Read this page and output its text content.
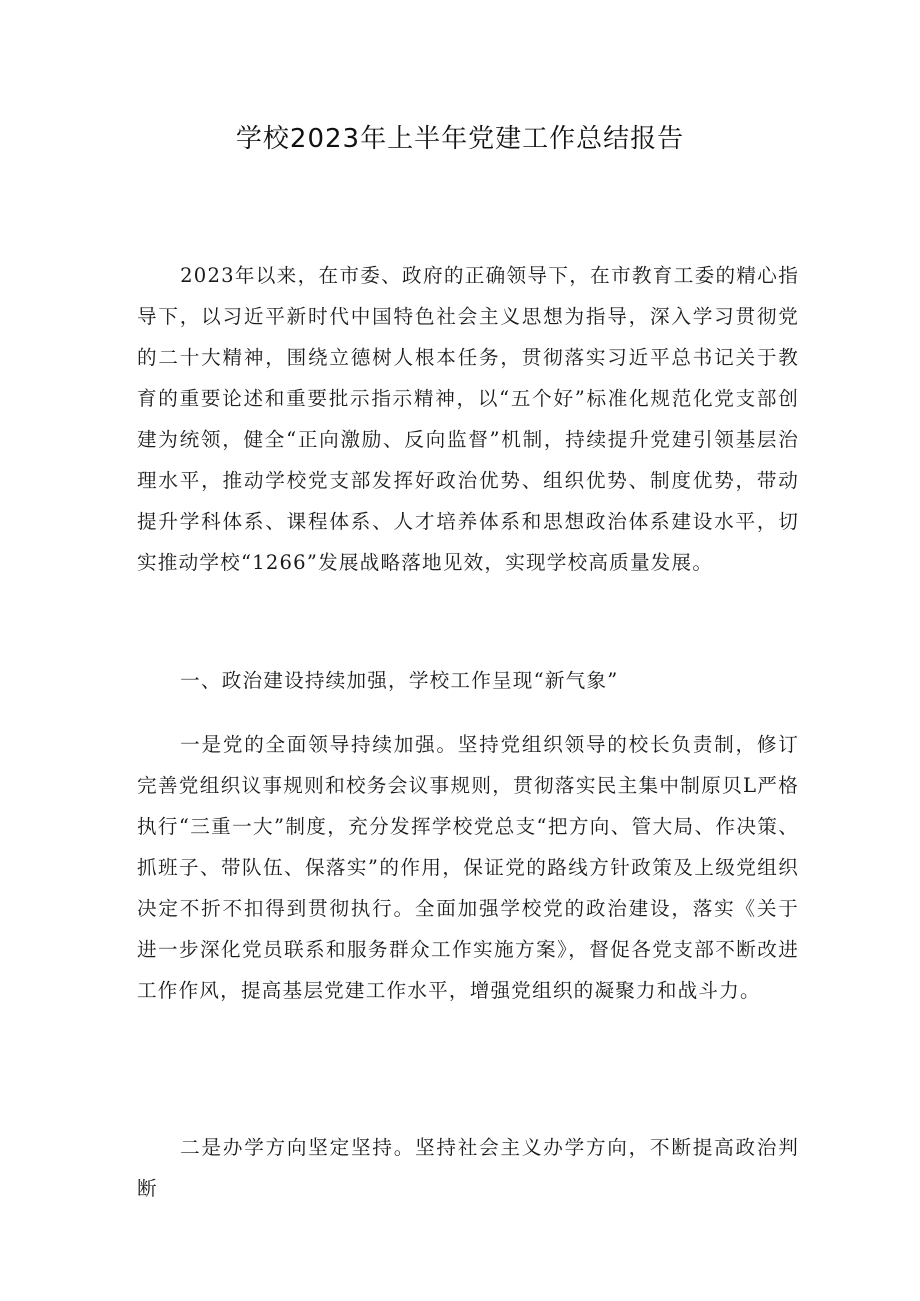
学校2023年上半年党建工作总结报告

2023年以来，在市委、政府的正确领导下，在市教育工委的精心指导下，以习近平新时代中国特色社会主义思想为指导，深入学习贯彻党的二十大精神，围绕立德树人根本任务，贯彻落实习近平总书记关于教育的重要论述和重要批示指示精神，以“五个好”标准化规范化党支部创建为统领，健全“正向激励、反向监督”机制，持续提升党建引领基层治理水平，推动学校党支部发挥好政治优势、组织优势、制度优势，带动提升学科体系、课程体系、人才培养体系和思想政治体系建设水平，切实推动学校“1266”发展战略落地见效，实现学校高质量发展。

一、政治建设持续加强，学校工作呈现“新气象”

一是党的全面领导持续加强。坚持党组织领导的校长负责制，修订完善党组织议事规则和校务会议事规则，贯彻落实民主集中制原贝L严格执行“三重一大”制度，充分发挥学校党总支“把方向、管大局、作决策、抓班子、带队伍、保落实”的作用，保证党的路线方针政策及上级党组织决定不折不扣得到贯彻执行。全面加强学校党的政治建设，落实《关于进一步深化党员联系和服务群众工作实施方案》，督促各党支部不断改进工作作风，提高基层党建工作水平，增强党组织的凝聚力和战斗力。

二是办学方向坚定坚持。坚持社会主义办学方向，不断提高政治判断
